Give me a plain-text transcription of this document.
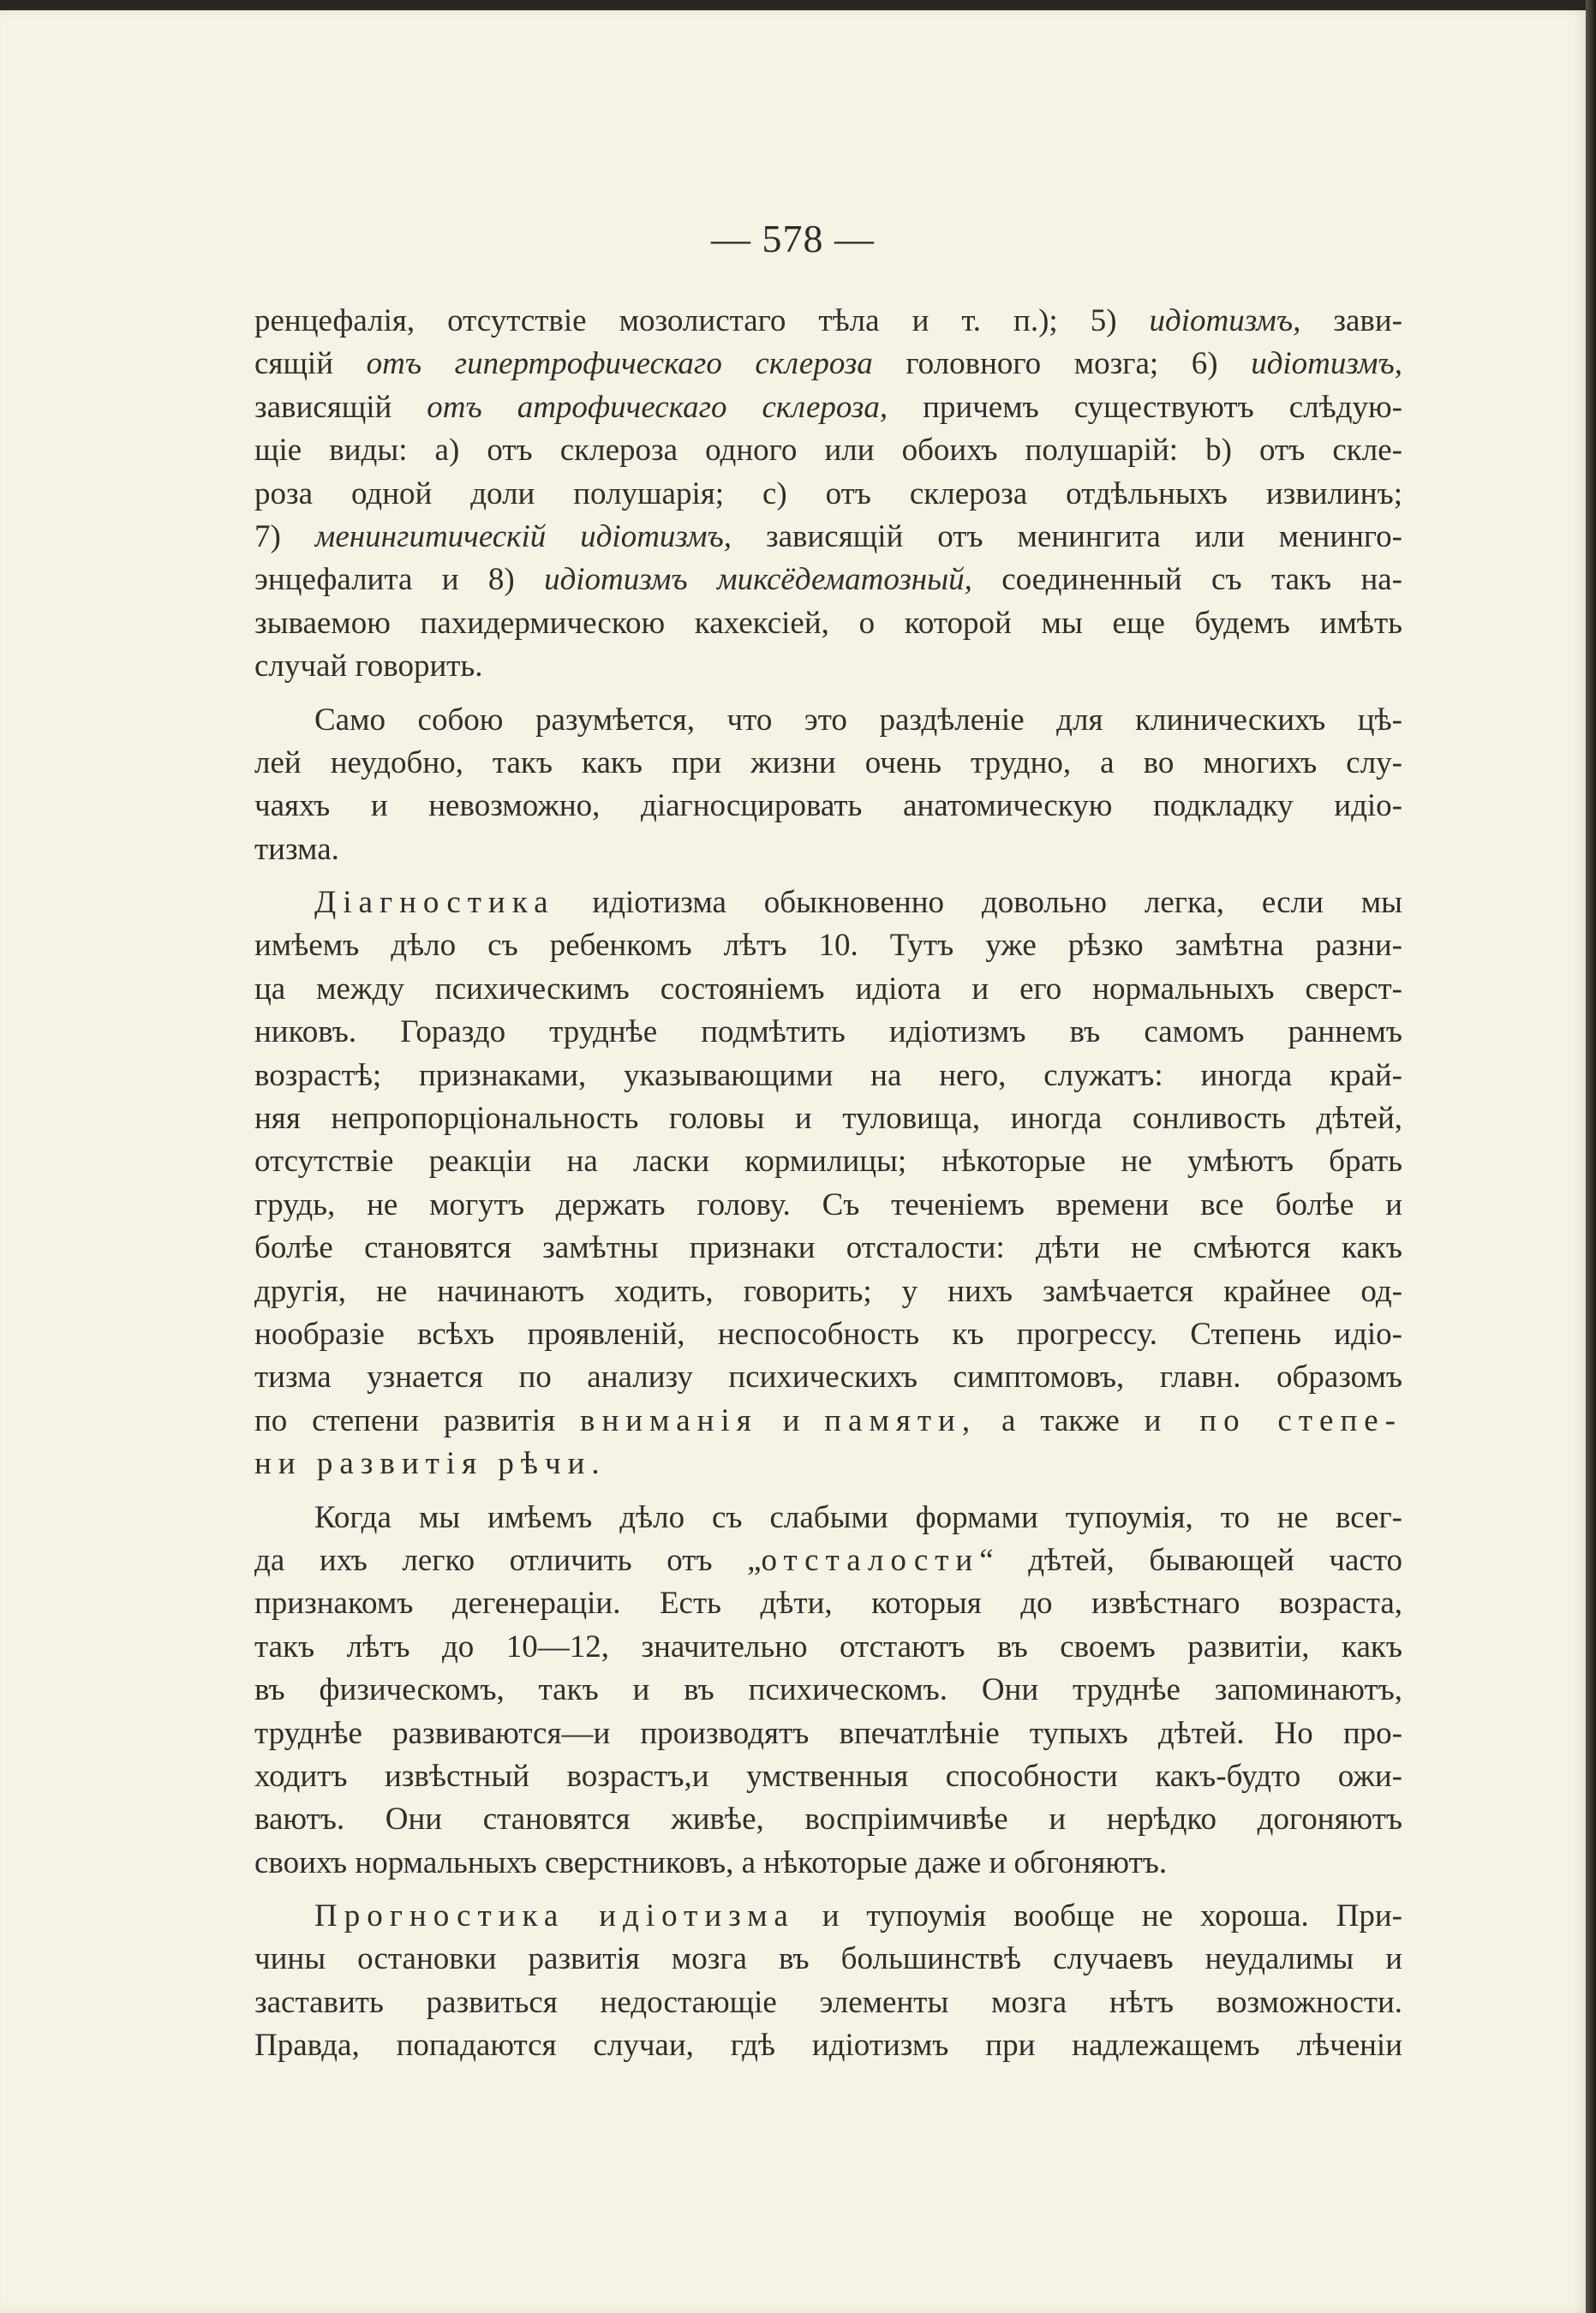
— 578 —
ренцефалія, отсутствіе мозолистаго тѣла и т. п.); 5) идіотизмъ, зави-
сящій отъ гипертрофическаго склероза головного мозга; 6) идіотизмъ,
зависящій отъ атрофическаго склероза, причемъ существуютъ слѣдую-
щіе виды: а) отъ склероза одного или обоихъ полушарій: b) отъ скле-
роза одной доли полушарія; с) отъ склероза отдѣльныхъ извилинъ;
7) менингитическій идіотизмъ, зависящій отъ менингита или менинго-
энцефалита и 8) идіотизмъ миксёдематозный, соединенный съ такъ на-
зываемою пахидермическою кахексіей, о которой мы еще будемъ имѣть
случай говорить.
Само собою разумѣется, что это раздѣленіе для клиническихъ цѣ-
лей неудобно, такъ какъ при жизни очень трудно, а во многихъ слу-
чаяхъ и невозможно, діагносцировать анатомическую подкладку идіо-
тизма.
Діагностика идіотизма обыкновенно довольно легка, если мы
имѣемъ дѣло съ ребенкомъ лѣтъ 10. Тутъ уже рѣзко замѣтна разни-
ца между психическимъ состояніемъ идіота и его нормальныхъ сверст-
никовъ. Гораздо труднѣе подмѣтить идіотизмъ въ самомъ раннемъ
возрастѣ; признаками, указывающими на него, служатъ: иногда край-
няя непропорціональность головы и туловища, иногда сонливость дѣтей,
отсутствіе реакціи на ласки кормилицы; нѣкоторые не умѣютъ брать
грудь, не могутъ держать голову. Съ теченіемъ времени все болѣе и
болѣе становятся замѣтны признаки отсталости: дѣти не смѣются какъ
другія, не начинаютъ ходить, говорить; у нихъ замѣчается крайнее од-
нообразіе всѣхъ проявленій, неспособность къ прогрессу. Степень идіо-
тизма узнается по анализу психическихъ симптомовъ, главн. образомъ
по степени развитія вниманія и памяти, а также и по степе-
ни развитія рѣчи.
Когда мы имѣемъ дѣло съ слабыми формами тупоумія, то не всег-
да ихъ легко отличить отъ „отсталости“ дѣтей, бывающей часто
признакомъ дегенераціи. Есть дѣти, которыя до извѣстнаго возраста,
такъ лѣтъ до 10—12, значительно отстаютъ въ своемъ развитіи, какъ
въ физическомъ, такъ и въ психическомъ. Они труднѣе запоминаютъ,
труднѣе развиваются—и производятъ впечатлѣніе тупыхъ дѣтей. Но про-
ходитъ извѣстный возрастъ,и умственныя способности какъ-будто ожи-
ваютъ. Они становятся живѣе, воспріимчивѣе и нерѣдко догоняютъ
своихъ нормальныхъ сверстниковъ, а нѣкоторые даже и обгоняютъ.
Прогностика идіотизма и тупоумія вообще не хороша. При-
чины остановки развитія мозга въ большинствѣ случаевъ неудалимы и
заставить развиться недостающіе элементы мозга нѣтъ возможности.
Правда, попадаются случаи, гдѣ идіотизмъ при надлежащемъ лѣченіи
